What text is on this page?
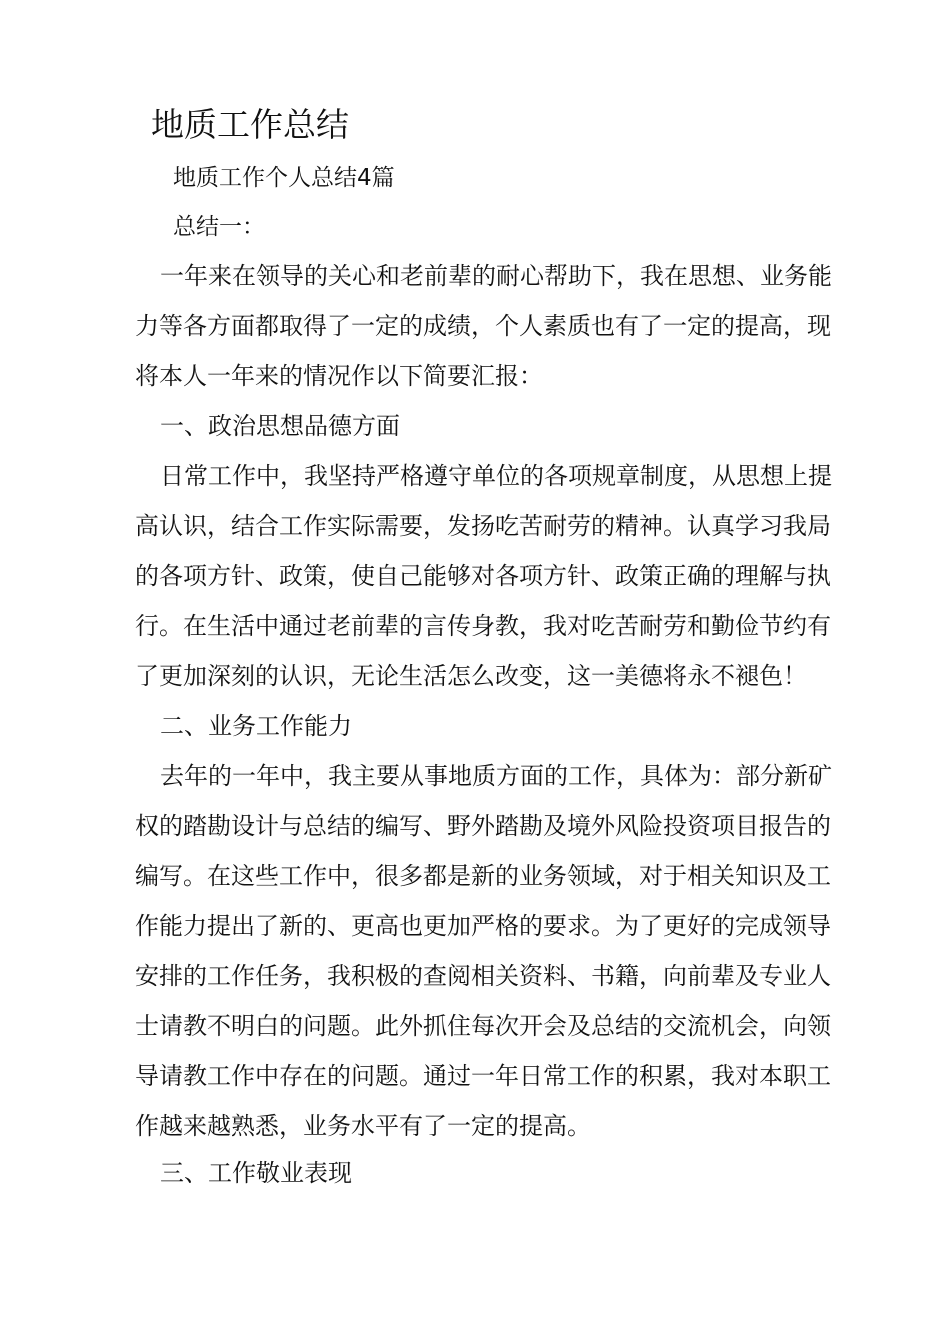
地质工作总结

地质工作个人总结4篇

总结一：

一年来在领导的关心和老前辈的耐心帮助下，我在思想、业务能

力等各方面都取得了一定的成绩，个人素质也有了一定的提高，现

将本人一年来的情况作以下简要汇报：

一、政治思想品德方面

日常工作中，我坚持严格遵守单位的各项规章制度，从思想上提

高认识，结合工作实际需要，发扬吃苦耐劳的精神。认真学习我局

的各项方针、政策，使自己能够对各项方针、政策正确的理解与执

行。在生活中通过老前辈的言传身教，我对吃苦耐劳和勤俭节约有

了更加深刻的认识，无论生活怎么改变，这一美德将永不褪色！

二、业务工作能力

去年的一年中，我主要从事地质方面的工作，具体为：部分新矿

权的踏勘设计与总结的编写、野外踏勘及境外风险投资项目报告的

编写。在这些工作中，很多都是新的业务领域，对于相关知识及工

作能力提出了新的、更高也更加严格的要求。为了更好的完成领导

安排的工作任务，我积极的查阅相关资料、书籍，向前辈及专业人

士请教不明白的问题。此外抓住每次开会及总结的交流机会，向领

导请教工作中存在的问题。通过一年日常工作的积累，我对本职工

作越来越熟悉，业务水平有了一定的提高。

三、工作敬业表现
